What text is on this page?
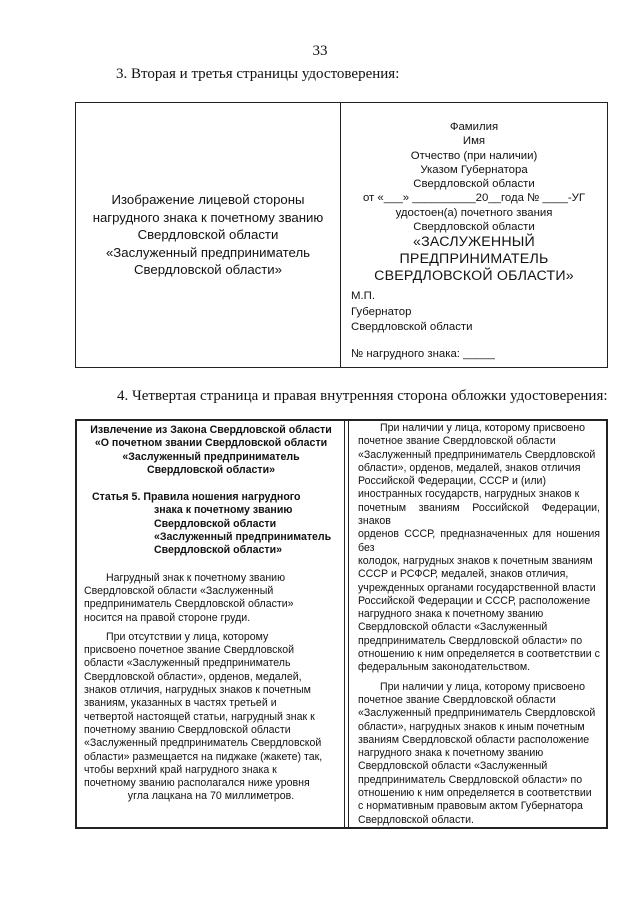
33
3. Вторая и третья страницы удостоверения:
Изображение лицевой стороны
нагрудного знака к почетному званию
Свердловской области
«Заслуженный предприниматель
Свердловской области»
Фамилия
Имя
Отчество (при наличии)
Указом Губернатора
Свердловской области
от «___» __________20__года № ____-УГ
удостоен(а) почетного звания
Свердловской области
«ЗАСЛУЖЕННЫЙ
ПРЕДПРИНИМАТЕЛЬ
СВЕРДЛОВСКОЙ ОБЛАСТИ»
М.П.
Губернатор
Свердловской области
№ нагрудного знака: _____
4. Четвертая страница и правая внутренняя сторона обложки удостоверения:
Извлечение из Закона Свердловской области
«О почетном звании Свердловской области
«Заслуженный предприниматель
Свердловской области»
Статья 5. Правила ношения нагрудного
знака к почетному званию
Свердловской области
«Заслуженный предприниматель
Свердловской области»

Нагрудный знак к почетному званию

Свердловской области «Заслуженный

предприниматель Свердловской области»

носится на правой стороне груди.

При отсутствии у лица, которому

присвоено почетное звание Свердловской

области «Заслуженный предприниматель

Свердловской области», орденов, медалей,

знаков отличия, нагрудных знаков к почетным

званиям, указанных в частях третьей и

четвертой настоящей статьи, нагрудный знак к

почетному званию Свердловской области

«Заслуженный предприниматель Свердловской

области» размещается на пиджаке (жакете) так,

чтобы верхний край нагрудного знака к

почетному званию располагался ниже уровня

угла лацкана на 70 миллиметров.

При наличии у лица, которому присвоено

почетное звание Свердловской области

«Заслуженный предприниматель Свердловской

области», орденов, медалей, знаков отличия

Российской Федерации, СССР и (или)

иностранных государств, нагрудных знаков к

почетным званиям Российской Федерации, знаков

орденов СССР, предназначенных для ношения без

колодок, нагрудных знаков к почетным званиям

СССР и РСФСР, медалей, знаков отличия,

учрежденных органами государственной власти

Российской Федерации и СССР, расположение

нагрудного знака к почетному званию

Свердловской области «Заслуженный

предприниматель Свердловской области» по

отношению к ним определяется в соответствии с

федеральным законодательством.

При наличии у лица, которому присвоено

почетное звание Свердловской области

«Заслуженный предприниматель Свердловской

области», нагрудных знаков к иным почетным

званиям Свердловской области расположение

нагрудного знака к почетному званию

Свердловской области «Заслуженный

предприниматель Свердловской области» по

отношению к ним определяется в соответствии

с нормативным правовым актом Губернатора

Свердловской области.
